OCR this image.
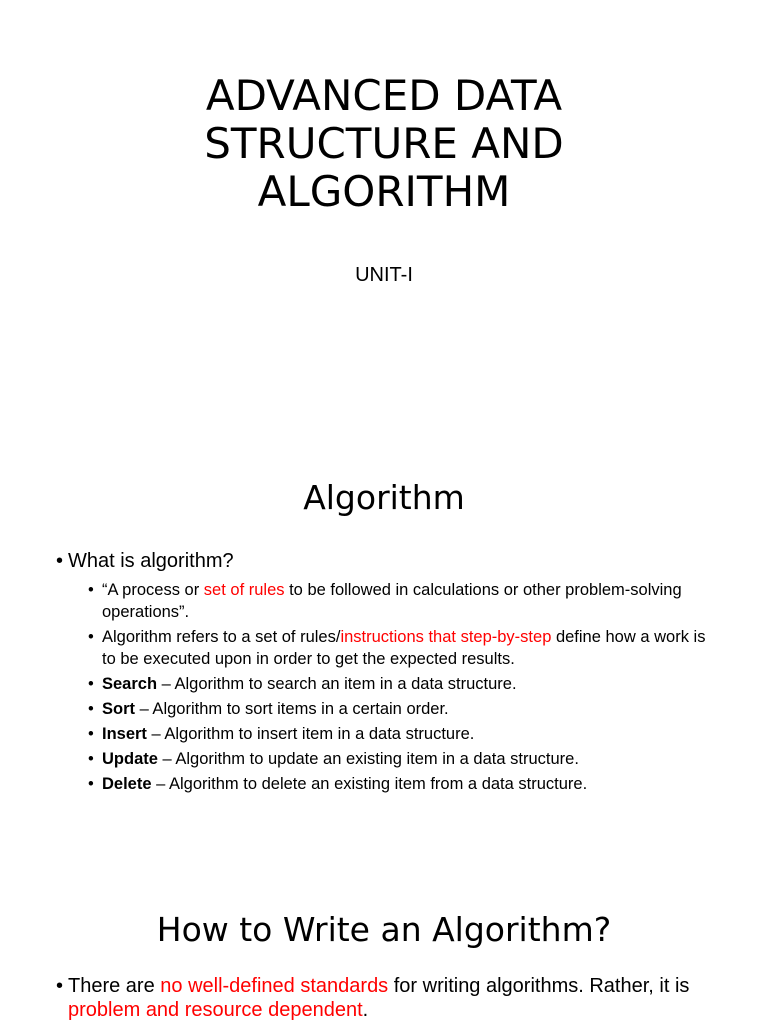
ADVANCED DATA
STRUCTURE AND
ALGORITHM
UNIT-I
Algorithm
• What is algorithm?
• “A process or set of rules to be followed in calculations or other problem-solving operations”.
• Algorithm refers to a set of rules/instructions that step-by-step define how a work is to be executed upon in order to get the expected results.
• Search – Algorithm to search an item in a data structure.
• Sort – Algorithm to sort items in a certain order.
• Insert – Algorithm to insert item in a data structure.
• Update – Algorithm to update an existing item in a data structure.
• Delete – Algorithm to delete an existing item from a data structure.
How to Write an Algorithm?
• There are no well-defined standards for writing algorithms. Rather, it is problem and resource dependent.
